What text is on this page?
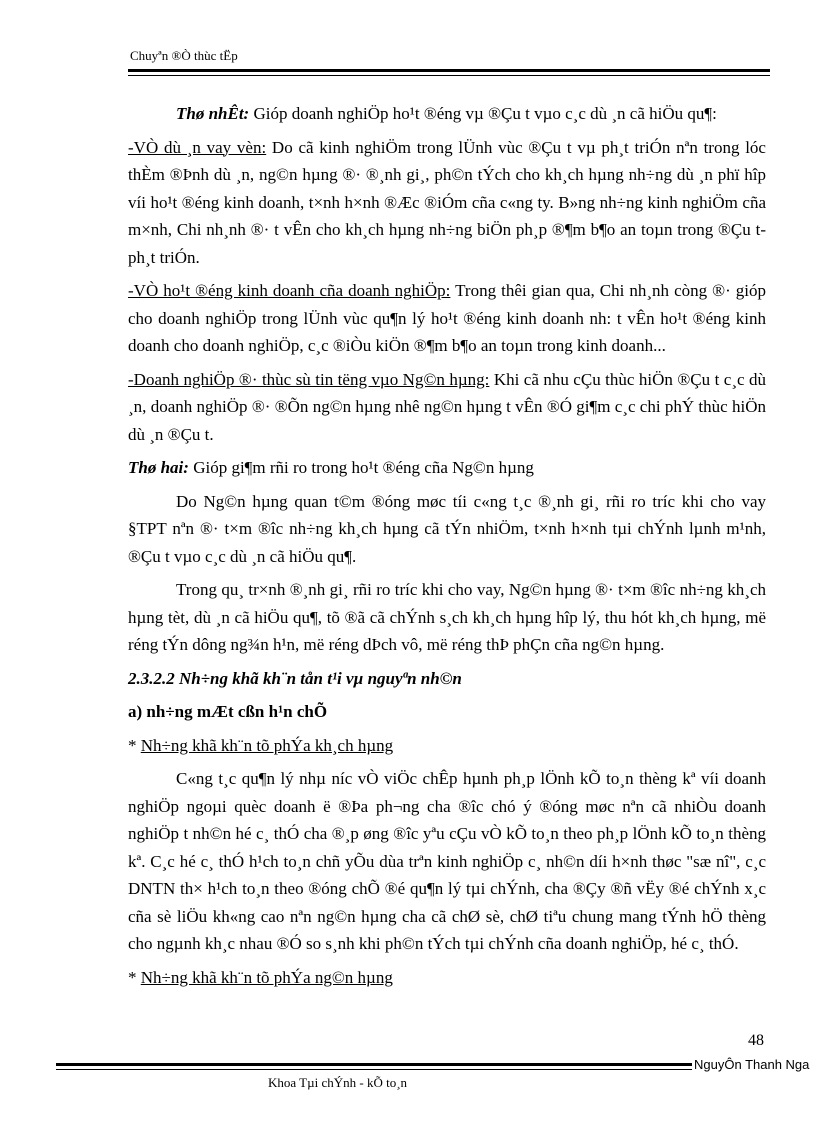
Chuyªn ®Ò thùc tËp

Thø nhÊt: Gióp doanh nghiÖp ho¹t ®éng vµ ®Çu t vµo c¸c dù ¸n cã hiÖu qu¶:

-VÒ dù ¸n vay vèn: Do cã kinh nghiÖm trong lÜnh vùc ®Çu t vµ ph¸t triÓn nªn trong lóc thÈm ®Þnh dù ¸n, ng©n hµng ®· ®¸nh gi¸, ph©n tÝch cho kh¸ch hµng nh÷ng dù ¸n phï hîp víi ho¹t ®éng kinh doanh, t×nh h×nh ®Æc ®iÓm cña c«ng ty. B»ng nh÷ng kinh nghiÖm cña m×nh, Chi nh¸nh ®· t vÊn cho kh¸ch hµng nh÷ng biÖn ph¸p ®¶m b¶o an toµn trong ®Çu t ph¸t triÓn.

-VÒ ho¹t ®éng kinh doanh cña doanh nghiÖp: Trong thêi gian qua, Chi nh¸nh còng ®· gióp cho doanh nghiÖp trong lÜnh vùc qu¶n lý ho¹t ®éng kinh doanh nh: t vÊn ho¹t ®éng kinh doanh cho doanh nghiÖp, c¸c ®iÒu kiÖn ®¶m b¶o an toµn trong kinh doanh...

-Doanh nghiÖp ®· thùc sù tin tëng vµo Ng©n hµng: Khi cã nhu cÇu thùc hiÖn ®Çu t c¸c dù ¸n, doanh nghiÖp ®· ®Õn ng©n hµng nhê ng©n hµng t vÊn ®Ó gi¶m c¸c chi phÝ thùc hiÖn dù ¸n ®Çu t.

Thø hai: Gióp gi¶m rñi ro trong ho¹t ®éng cña Ng©n hµng

Do Ng©n hµng quan t©m ®óng møc tíi c«ng t¸c ®¸nh gi¸ rñi ro tríc khi cho vay §TPT nªn ®· t×m ®îc nh÷ng kh¸ch hµng cã tÝn nhiÖm, t×nh h×nh tµi chÝnh lµnh m¹nh, ®Çu t vµo c¸c dù ¸n cã hiÖu qu¶.

Trong qu¸ tr×nh ®¸nh gi¸ rñi ro tríc khi cho vay, Ng©n hµng ®· t×m ®îc nh÷ng kh¸ch hµng tèt, dù ¸n cã hiÖu qu¶, tõ ®ã cã chÝnh s¸ch kh¸ch hµng hîp lý, thu hót kh¸ch hµng, më réng tÝn dông ng¾n h¹n, më réng dÞch vô, më réng thÞ phÇn cña ng©n hµng.

2.3.2.2 Nh÷ng khã kh¨n tån t¹i vµ nguyªn nh©n

a) nh÷ng mÆt cßn h¹n chÕ

* Nh÷ng khã kh¨n tõ phÝa kh¸ch hµng

C«ng t¸c qu¶n lý nhµ níc vÒ viÖc chÊp hµnh ph¸p lÖnh kÕ to¸n thèng kª víi doanh nghiÖp ngoµi quèc doanh ë ®Þa ph¬ng cha ®îc chó ý ®óng møc nªn cã nhiÒu doanh nghiÖp t nh©n hé c¸ thÓ cha ®¸p øng ®îc yªu cÇu vÒ kÕ to¸n theo ph¸p lÖnh kÕ to¸n thèng kª. C¸c hé c¸ thÓ h¹ch to¸n chñ yÕu dùa trªn kinh nghiÖp c¸ nh©n díi h×nh thøc "sæ nî", c¸c DNTN th× h¹ch to¸n theo ®óng chÕ ®é qu¶n lý tµi chÝnh, cha ®Çy ®ñ vËy ®é chÝnh x¸c cña sè liÖu kh«ng cao nªn ng©n hµng cha cã chØ sè, chØ tiªu chung mang tÝnh hÖ thèng cho ngµnh kh¸c nhau ®Ó so s¸nh khi ph©n tÝch tµi chÝnh cña doanh nghiÖp, hé c¸ thÓ.

* Nh÷ng khã kh¨n tõ phÝa ng©n hµng

48
NguyÔn Thanh Nga
Khoa Tµi chÝnh - kÕ to¸n
